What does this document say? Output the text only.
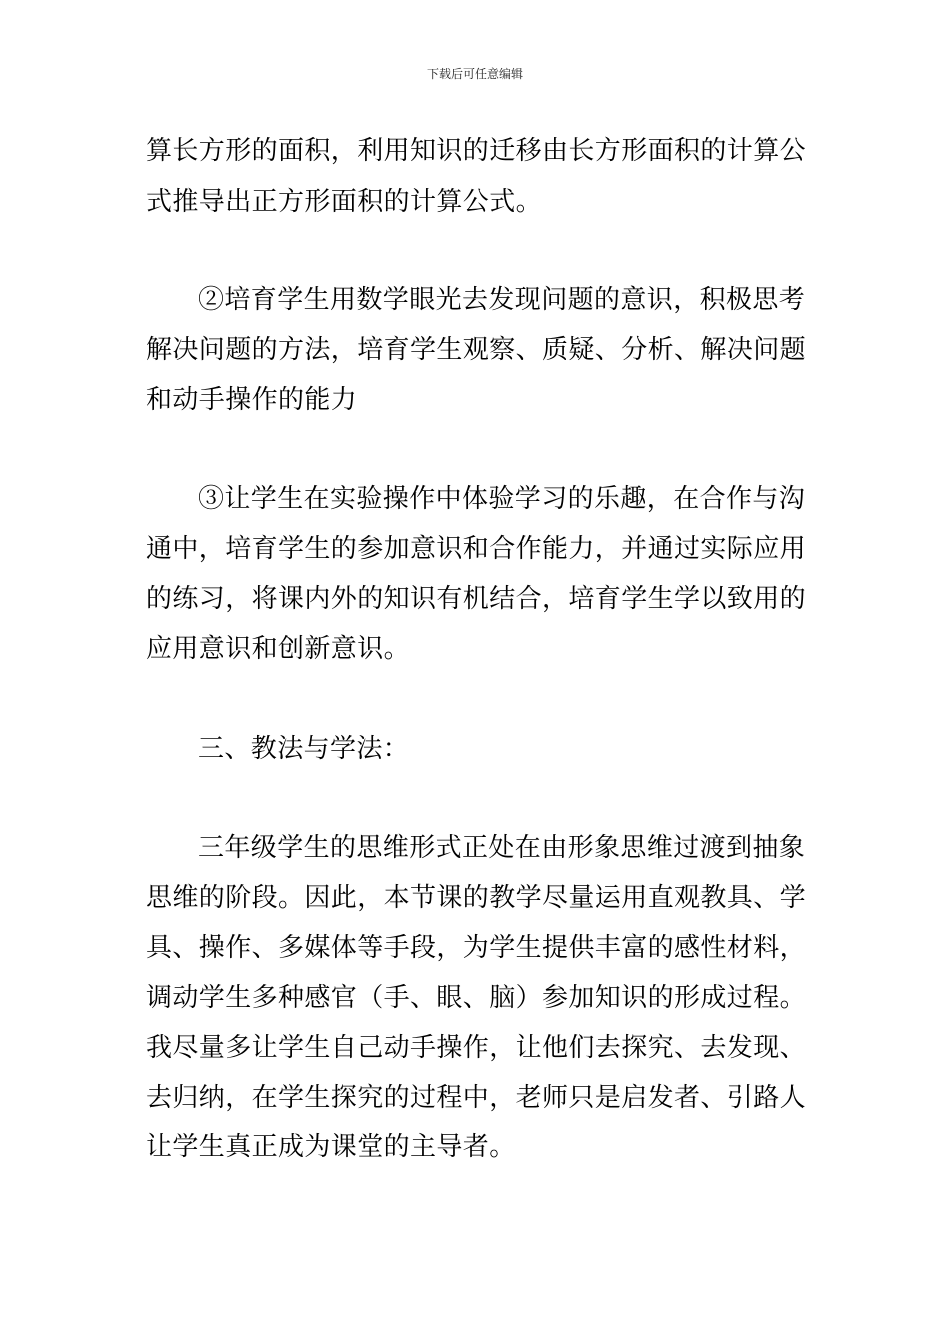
下载后可任意编辑
算长方形的面积，利用知识的迁移由长方形面积的计算公
式推导出正方形面积的计算公式。
②培育学生用数学眼光去发现问题的意识，积极思考
解决问题的方法，培育学生观察、质疑、分析、解决问题
和动手操作的能力
③让学生在实验操作中体验学习的乐趣，在合作与沟
通中，培育学生的参加意识和合作能力，并通过实际应用
的练习，将课内外的知识有机结合，培育学生学以致用的
应用意识和创新意识。
三、教法与学法：
三年级学生的思维形式正处在由形象思维过渡到抽象
思维的阶段。因此，本节课的教学尽量运用直观教具、学
具、操作、多媒体等手段，为学生提供丰富的感性材料，
调动学生多种感官（手、眼、脑）参加知识的形成过程。
我尽量多让学生自己动手操作，让他们去探究、去发现、
去归纳，在学生探究的过程中，老师只是启发者、引路人
让学生真正成为课堂的主导者。
